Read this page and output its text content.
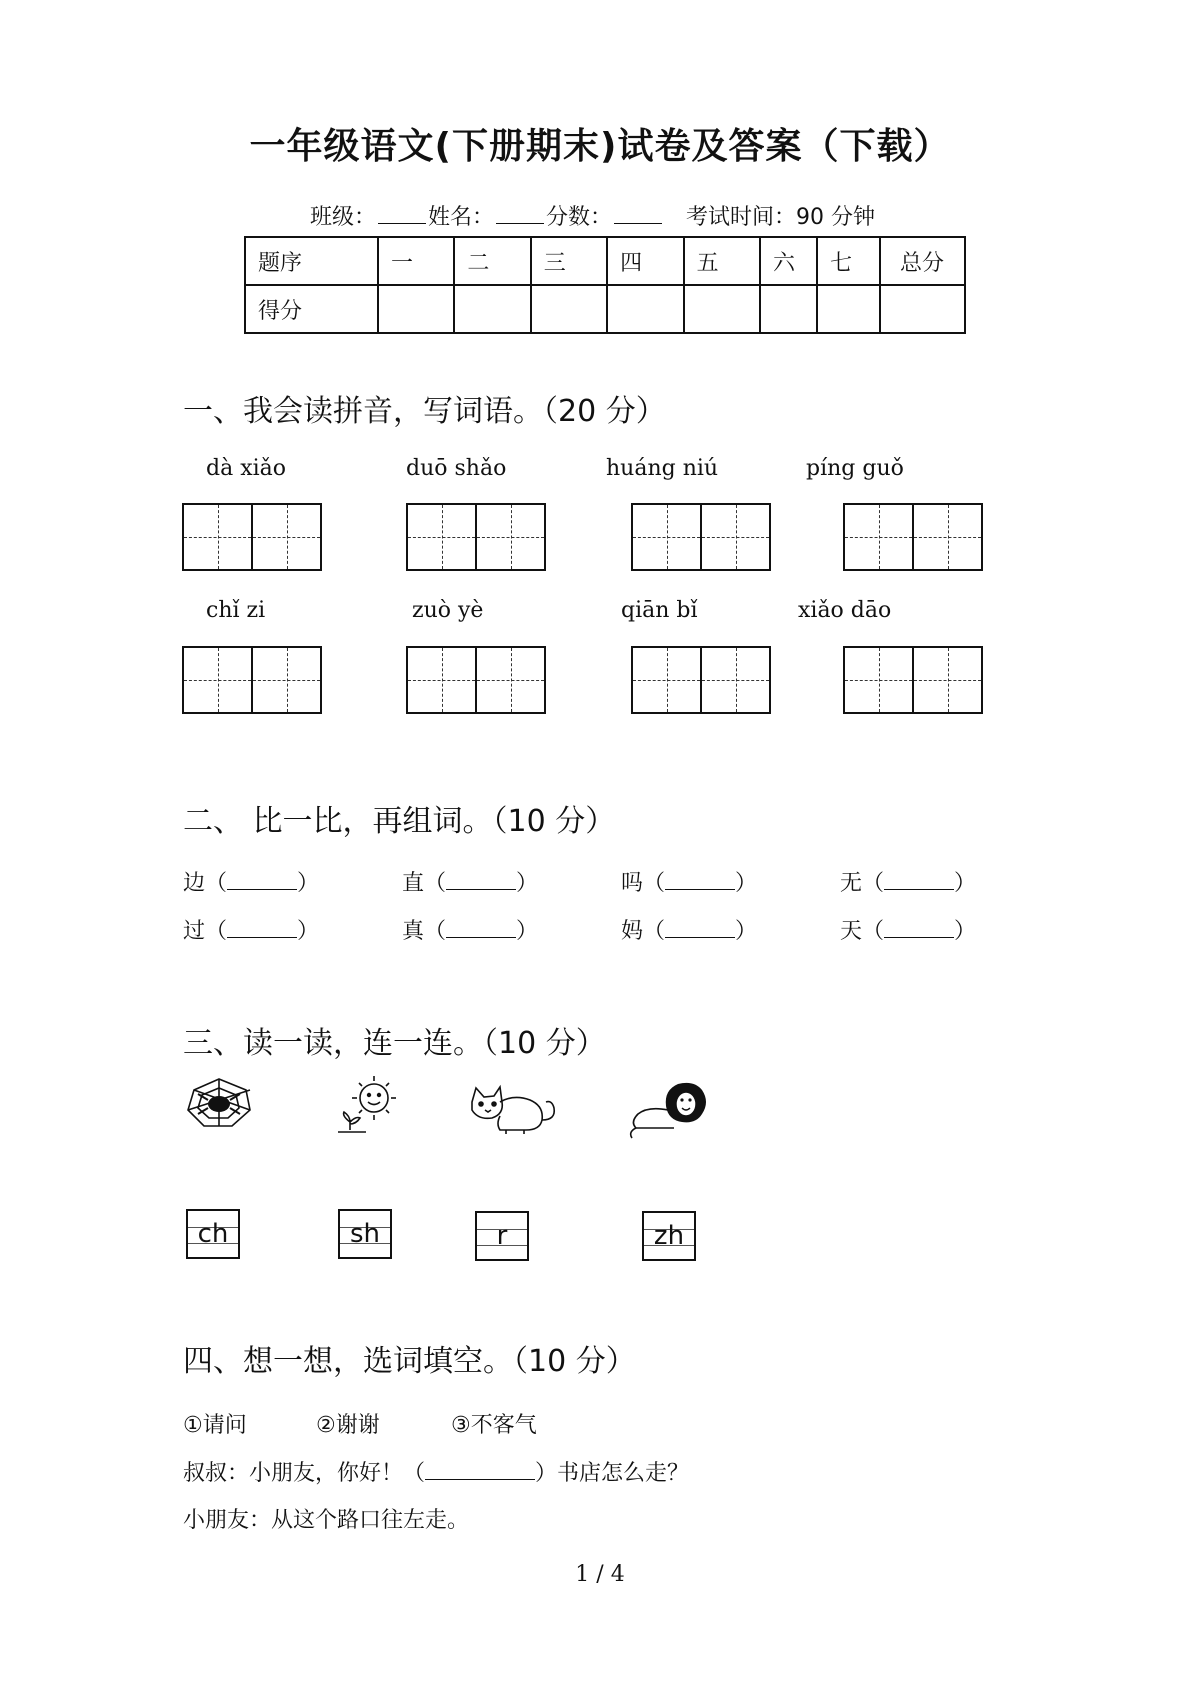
一年级语文(下册期末)试卷及答案（下载）
班级： 姓名： 分数：	考试时间：90 分钟
题序	一	二	三	四	五	六	七	总分
得分								
一、我会读拼音，写词语。（20 分）
dà xiǎo	duō shǎo	huáng niú	píng guǒ
chǐ zi	zuò yè	qiān bǐ	xiǎo dāo
二、 比一比，再组词。（10 分）
边（	）	直（	）	吗（	）	无（	）
过（	）	真（	）	妈（	）	天（	）
三、读一读，连一连。（10 分）
ch	sh	r	zh
四、想一想，选词填空。（10 分）
①请问	②谢谢	③不客气
叔叔：小朋友，你好！（	）书店怎么走？
小朋友：从这个路口往左走。
1 / 4
